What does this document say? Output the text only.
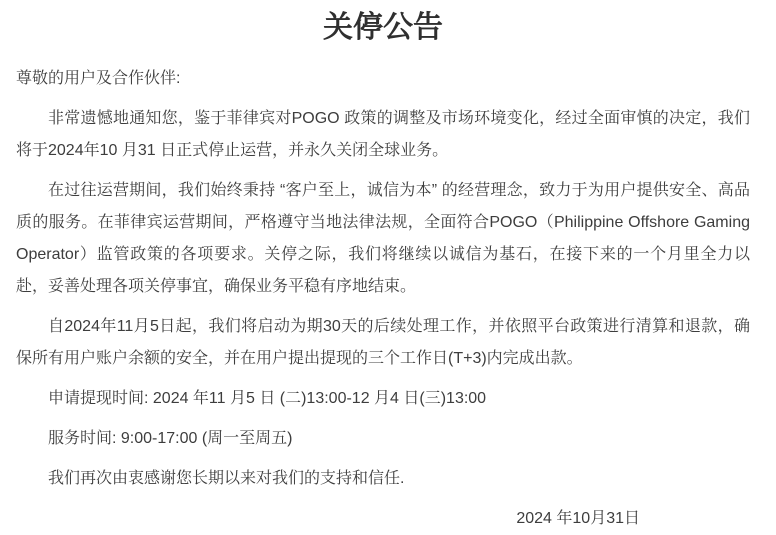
关停公告

尊敬的用户及合作伙伴:

非常遗憾地通知您，鉴于菲律宾对POGO 政策的调整及市场环境变化，经过全面审慎的决定，我们将于2024年10 月31 日正式停止运营，并永久关闭全球业务。

在过往运营期间，我们始终秉持 “客户至上，诚信为本” 的经营理念，致力于为用户提供安全、高品质的服务。在菲律宾运营期间，严格遵守当地法律法规，全面符合POGO（Philippine Offshore Gaming Operator）监管政策的各项要求。关停之际，我们将继续以诚信为基石，在接下来的一个月里全力以赴，妥善处理各项关停事宜，确保业务平稳有序地结束。

自2024年11月5日起，我们将启动为期30天的后续处理工作，并依照平台政策进行清算和退款，确保所有用户账户余额的安全，并在用户提出提现的三个工作日(T+3)内完成出款。

申请提现时间: 2024 年11 月5 日 (二)13:00-12 月4 日(三)13:00

服务时间: 9:00-17:00 (周一至周五)

我们再次由衷感谢您长期以来对我们的支持和信任.

2024 年10月31日
